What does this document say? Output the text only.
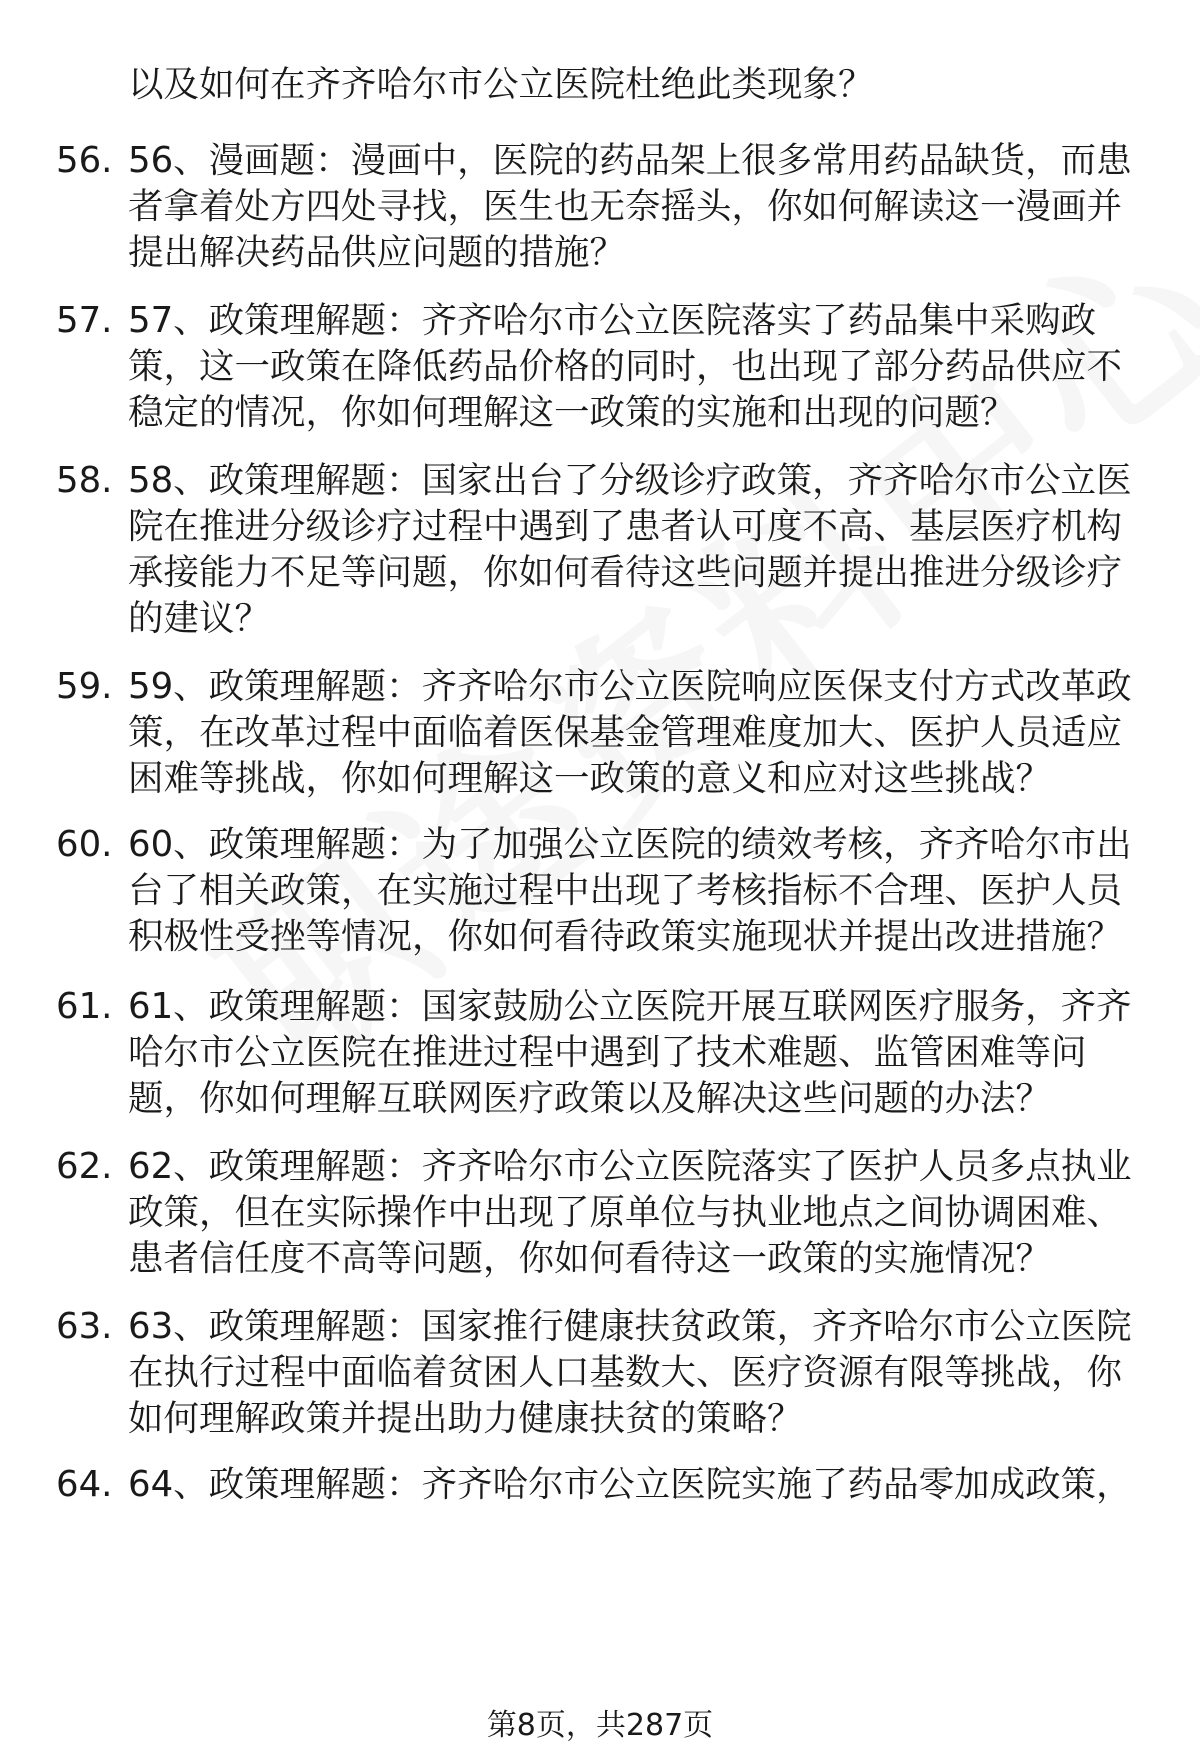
以及如何在齐齐哈尔市公立医院杜绝此类现象？
56. 56、漫画题：漫画中，医院的药品架上很多常用药品缺货，而患者拿着处方四处寻找，医生也无奈摇头，你如何解读这一漫画并提出解决药品供应问题的措施？
57. 57、政策理解题：齐齐哈尔市公立医院落实了药品集中采购政策，这一政策在降低药品价格的同时，也出现了部分药品供应不稳定的情况，你如何理解这一政策的实施和出现的问题？
58. 58、政策理解题：国家出台了分级诊疗政策，齐齐哈尔市公立医院在推进分级诊疗过程中遇到了患者认可度不高、基层医疗机构承接能力不足等问题，你如何看待这些问题并提出推进分级诊疗的建议？
59. 59、政策理解题：齐齐哈尔市公立医院响应医保支付方式改革政策，在改革过程中面临着医保基金管理难度加大、医护人员适应困难等挑战，你如何理解这一政策的意义和应对这些挑战？
60. 60、政策理解题：为了加强公立医院的绩效考核，齐齐哈尔市出台了相关政策，在实施过程中出现了考核指标不合理、医护人员积极性受挫等情况，你如何看待政策实施现状并提出改进措施？
61. 61、政策理解题：国家鼓励公立医院开展互联网医疗服务，齐齐哈尔市公立医院在推进过程中遇到了技术难题、监管困难等问题，你如何理解互联网医疗政策以及解决这些问题的办法？
62. 62、政策理解题：齐齐哈尔市公立医院落实了医护人员多点执业政策，但在实际操作中出现了原单位与执业地点之间协调困难、患者信任度不高等问题，你如何看待这一政策的实施情况？
63. 63、政策理解题：国家推行健康扶贫政策，齐齐哈尔市公立医院在执行过程中面临着贫困人口基数大、医疗资源有限等挑战，你如何理解政策并提出助力健康扶贫的策略？
64. 64、政策理解题：齐齐哈尔市公立医院实施了药品零加成政策，
第8页，共287页
